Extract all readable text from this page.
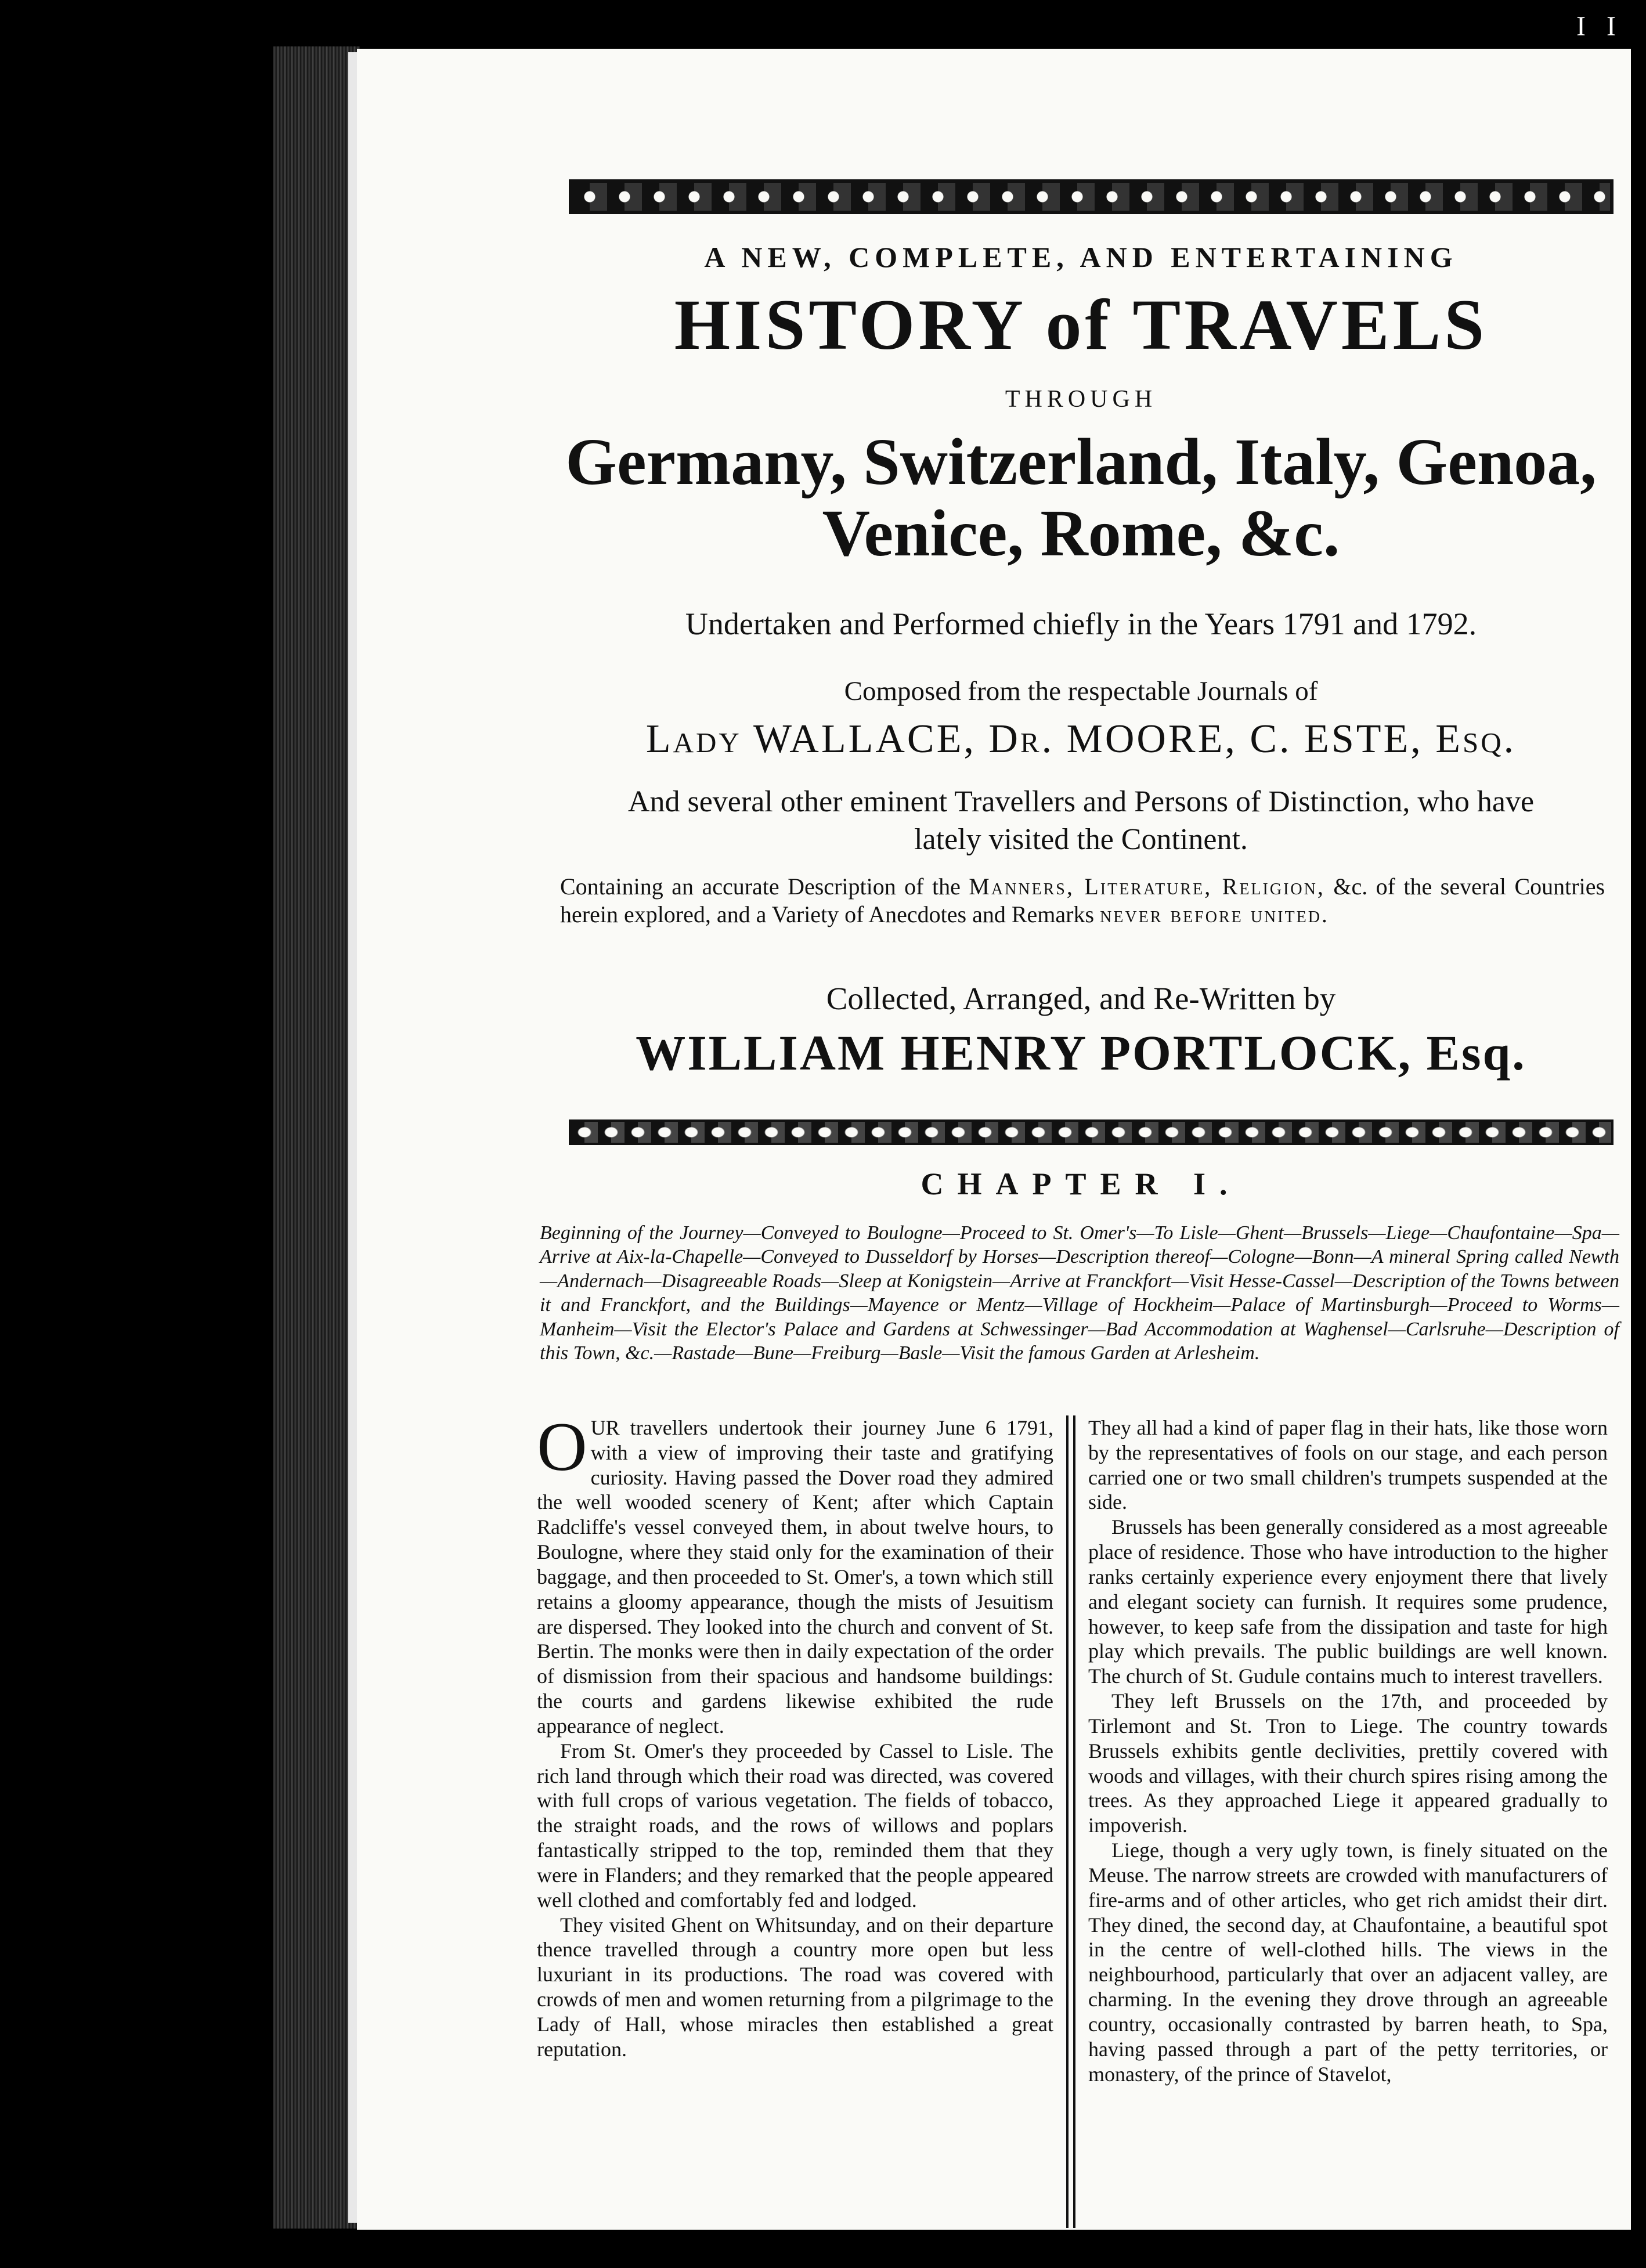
I I
A NEW, COMPLETE, AND ENTERTAINING
HISTORY of TRAVELS
THROUGH
Germany, Switzerland, Italy, Genoa,
Venice, Rome, &c.
Undertaken and Performed chiefly in the Years 1791 and 1792.
Composed from the respectable Journals of
Lady WALLACE, Dr. MOORE, C. ESTE, Esq.
And several other eminent Travellers and Persons of Distinction, who have
lately visited the Continent.
Containing an accurate Description of the Manners, Literature, Religion, &c. of the several Countries herein explored, and a Variety of Anecdotes and Remarks never before united.
Collected, Arranged, and Re-Written by
WILLIAM HENRY PORTLOCK, Esq.
CHAPTER I.
Beginning of the Journey—Conveyed to Boulogne—Proceed to St. Omer's—To Lisle—Ghent—Brussels—Liege—Chaufontaine—Spa—Arrive at Aix-la-Chapelle—Conveyed to Dusseldorf by Horses—Description thereof—Cologne—Bonn—A mineral Spring called Newth—Andernach—Disagreeable Roads—Sleep at Konigstein—Arrive at Franckfort—Visit Hesse-Cassel—Description of the Towns between it and Franckfort, and the Buildings—Mayence or Mentz—Village of Hockheim—Palace of Martinsburgh—Proceed to Worms—Manheim—Visit the Elector's Palace and Gardens at Schwessinger—Bad Accommodation at Waghensel—Carlsruhe—Description of this Town, &c.—Rastade—Bune—Freiburg—Basle—Visit the famous Garden at Arlesheim.

OUR travellers undertook their journey June 6 1791, with a view of improving their taste and gratifying curiosity. Having passed the Dover road they admired the well wooded scenery of Kent; after which Captain Radcliffe's vessel conveyed them, in about twelve hours, to Boulogne, where they staid only for the examination of their baggage, and then proceeded to St. Omer's, a town which still retains a gloomy appearance, though the mists of Jesuitism are dispersed. They looked into the church and convent of St. Bertin. The monks were then in daily expectation of the order of dismission from their spacious and handsome buildings: the courts and gardens likewise exhibited the rude appearance of neglect.

From St. Omer's they proceeded by Cassel to Lisle. The rich land through which their road was directed, was covered with full crops of various vegetation. The fields of tobacco, the straight roads, and the rows of willows and poplars fantastically stripped to the top, reminded them that they were in Flanders; and they remarked that the people appeared well clothed and comfortably fed and lodged.

They visited Ghent on Whitsunday, and on their departure thence travelled through a country more open but less luxuriant in its productions. The road was covered with crowds of men and women returning from a pilgrimage to the Lady of Hall, whose miracles then established a great reputation.

They all had a kind of paper flag in their hats, like those worn by the representatives of fools on our stage, and each person carried one or two small children's trumpets suspended at the side.

Brussels has been generally considered as a most agreeable place of residence. Those who have introduction to the higher ranks certainly experience every enjoyment there that lively and elegant society can furnish. It requires some prudence, however, to keep safe from the dissipation and taste for high play which prevails. The public buildings are well known. The church of St. Gudule contains much to interest travellers.

They left Brussels on the 17th, and proceeded by Tirlemont and St. Tron to Liege. The country towards Brussels exhibits gentle declivities, prettily covered with woods and villages, with their church spires rising among the trees. As they approached Liege it appeared gradually to impoverish.

Liege, though a very ugly town, is finely situated on the Meuse. The narrow streets are crowded with manufacturers of fire-arms and of other articles, who get rich amidst their dirt. They dined, the second day, at Chaufontaine, a beautiful spot in the centre of well-clothed hills. The views in the neighbourhood, particularly that over an adjacent valley, are charming. In the evening they drove through an agreeable country, occasionally contrasted by barren heath, to Spa, having passed through a part of the petty territories, or monastery, of the prince of Stavelot,
